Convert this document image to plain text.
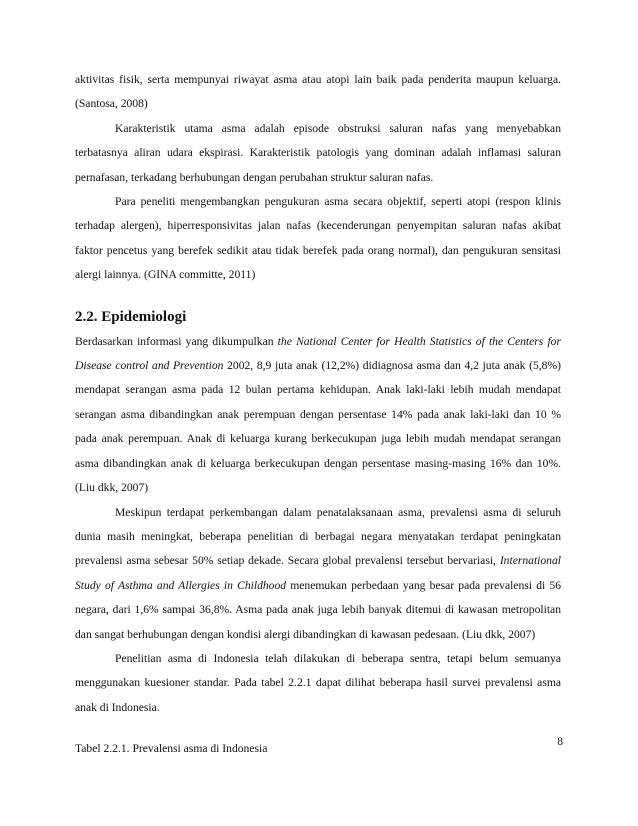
aktivitas fisik, serta mempunyai riwayat asma atau atopi lain baik pada penderita maupun keluarga. (Santosa, 2008)

Karakteristik utama asma adalah episode obstruksi saluran nafas yang menyebabkan terbatasnya aliran udara ekspirasi. Karakteristik patologis yang dominan adalah inflamasi saluran pernafasan, terkadang berhubungan dengan perubahan struktur saluran nafas.

Para peneliti mengembangkan pengukuran asma secara objektif, seperti atopi (respon klinis terhadap alergen), hiperresponsivitas jalan nafas (kecenderungan penyempitan saluran nafas akibat faktor pencetus yang berefek sedikit atau tidak berefek pada orang normal), dan pengukuran sensitasi alergi lainnya. (GINA committe, 2011)

2.2. Epidemiologi

Berdasarkan informasi yang dikumpulkan the National Center for Health Statistics of the Centers for Disease control and Prevention 2002, 8,9 juta anak (12,2%) didiagnosa asma dan 4,2 juta anak (5,8%) mendapat serangan asma pada 12 bulan pertama kehidupan. Anak laki-laki lebih mudah mendapat serangan asma dibandingkan anak perempuan dengan persentase 14% pada anak laki-laki dan 10 % pada anak perempuan. Anak di keluarga kurang berkecukupan juga lebih mudah mendapat serangan asma dibandingkan anak di keluarga berkecukupan dengan persentase masing-masing 16% dan 10%. (Liu dkk, 2007)

Meskipun terdapat perkembangan dalam penatalaksanaan asma, prevalensi asma di seluruh dunia masih meningkat, beberapa penelitian di berbagai negara menyatakan terdapat peningkatan prevalensi asma sebesar 50% setiap dekade. Secara global prevalensi tersebut bervariasi, International Study of Asthma and Allergies in Childhood menemukan perbedaan yang besar pada prevalensi di 56 negara, dari 1,6% sampai 36,8%. Asma pada anak juga lebih banyak ditemui di kawasan metropolitan dan sangat berhubungan dengan kondisi alergi dibandingkan di kawasan pedesaan. (Liu dkk, 2007)

Penelitian asma di Indonesia telah dilakukan di beberapa sentra, tetapi belum semuanya menggunakan kuesioner standar. Pada tabel 2.2.1 dapat dilihat beberapa hasil survei prevalensi asma anak di Indonesia.

Tabel 2.2.1. Prevalensi asma di Indonesia

8
